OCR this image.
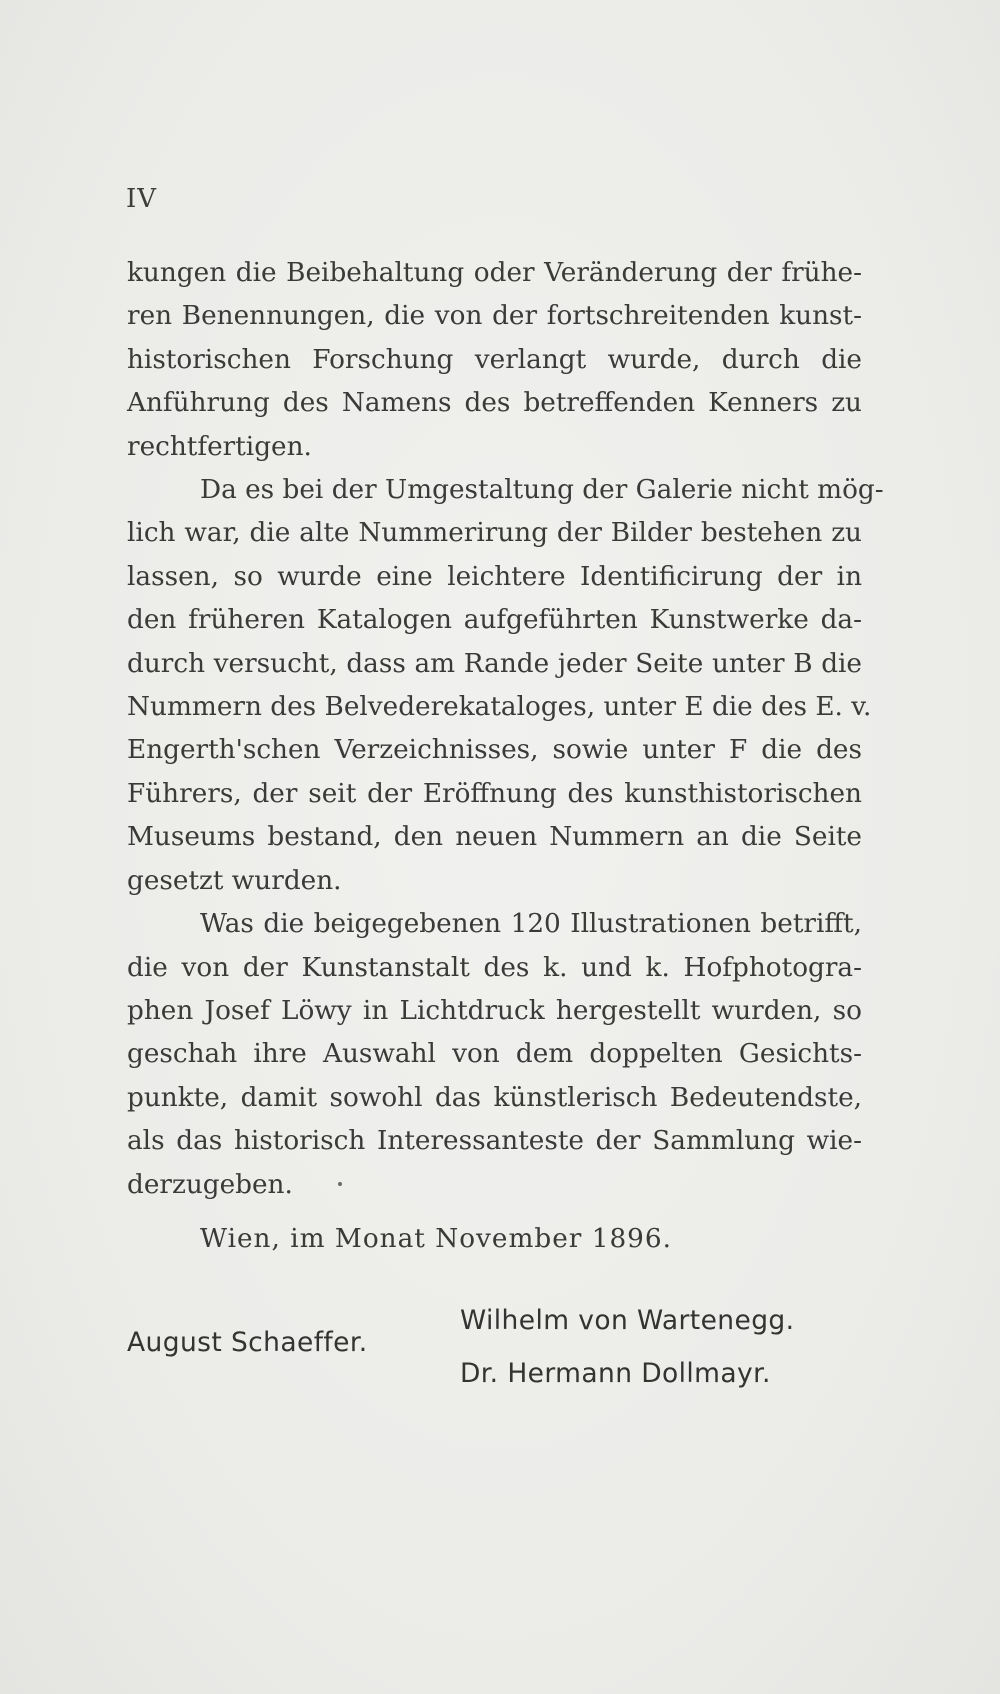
IV

kungen die Beibehaltung oder Veränderung der frühe-
ren Benennungen, die von der fortschreitenden kunst-
historischen Forschung verlangt wurde, durch die
Anführung des Namens des betreffenden Kenners zu
rechtfertigen.

Da es bei der Umgestaltung der Galerie nicht mög-
lich war, die alte Nummerirung der Bilder bestehen zu
lassen, so wurde eine leichtere Identificirung der in
den früheren Katalogen aufgeführten Kunstwerke da-
durch versucht, dass am Rande jeder Seite unter B die
Nummern des Belvederekataloges, unter E die des E. v.
Engerth'schen Verzeichnisses, sowie unter F die des
Führers, der seit der Eröffnung des kunsthistorischen
Museums bestand, den neuen Nummern an die Seite
gesetzt wurden.

Was die beigegebenen 120 Illustrationen betrifft,
die von der Kunstanstalt des k. und k. Hofphotogra-
phen Josef Löwy in Lichtdruck hergestellt wurden, so
geschah ihre Auswahl von dem doppelten Gesichts-
punkte, damit sowohl das künstlerisch Bedeutendste,
als das historisch Interessanteste der Sammlung wie-
derzugeben.

Wien, im Monat November 1896.
August Schaeffer.
Wilhelm von Wartenegg.
Dr. Hermann Dollmayr.
